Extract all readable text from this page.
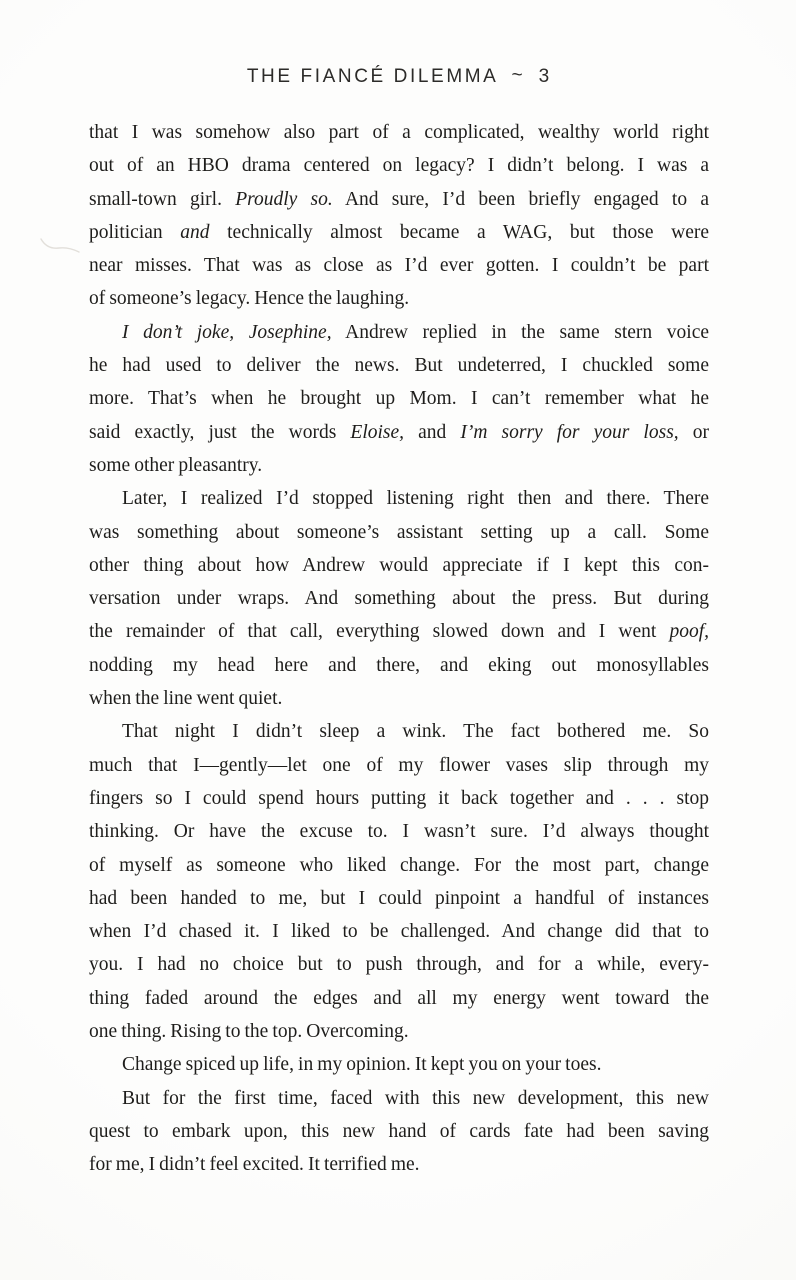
THE FIANCÉ DILEMMA ~ 3
that I was somehow also part of a complicated, wealthy world right
out of an HBO drama centered on legacy? I didn’t belong. I was a
small-town girl. Proudly so. And sure, I’d been briefly engaged to a
politician and technically almost became a WAG, but those were
near misses. That was as close as I’d ever gotten. I couldn’t be part
of someone’s legacy. Hence the laughing.
I don’t joke, Josephine, Andrew replied in the same stern voice
he had used to deliver the news. But undeterred, I chuckled some
more. That’s when he brought up Mom. I can’t remember what he
said exactly, just the words Eloise, and I’m sorry for your loss, or
some other pleasantry.
Later, I realized I’d stopped listening right then and there. There
was something about someone’s assistant setting up a call. Some
other thing about how Andrew would appreciate if I kept this con-
versation under wraps. And something about the press. But during
the remainder of that call, everything slowed down and I went poof,
nodding my head here and there, and eking out monosyllables
when the line went quiet.
That night I didn’t sleep a wink. The fact bothered me. So
much that I—gently—let one of my flower vases slip through my
fingers so I could spend hours putting it back together and . . . stop
thinking. Or have the excuse to. I wasn’t sure. I’d always thought
of myself as someone who liked change. For the most part, change
had been handed to me, but I could pinpoint a handful of instances
when I’d chased it. I liked to be challenged. And change did that to
you. I had no choice but to push through, and for a while, every-
thing faded around the edges and all my energy went toward the
one thing. Rising to the top. Overcoming.
Change spiced up life, in my opinion. It kept you on your toes.
But for the first time, faced with this new development, this new
quest to embark upon, this new hand of cards fate had been saving
for me, I didn’t feel excited. It terrified me.
